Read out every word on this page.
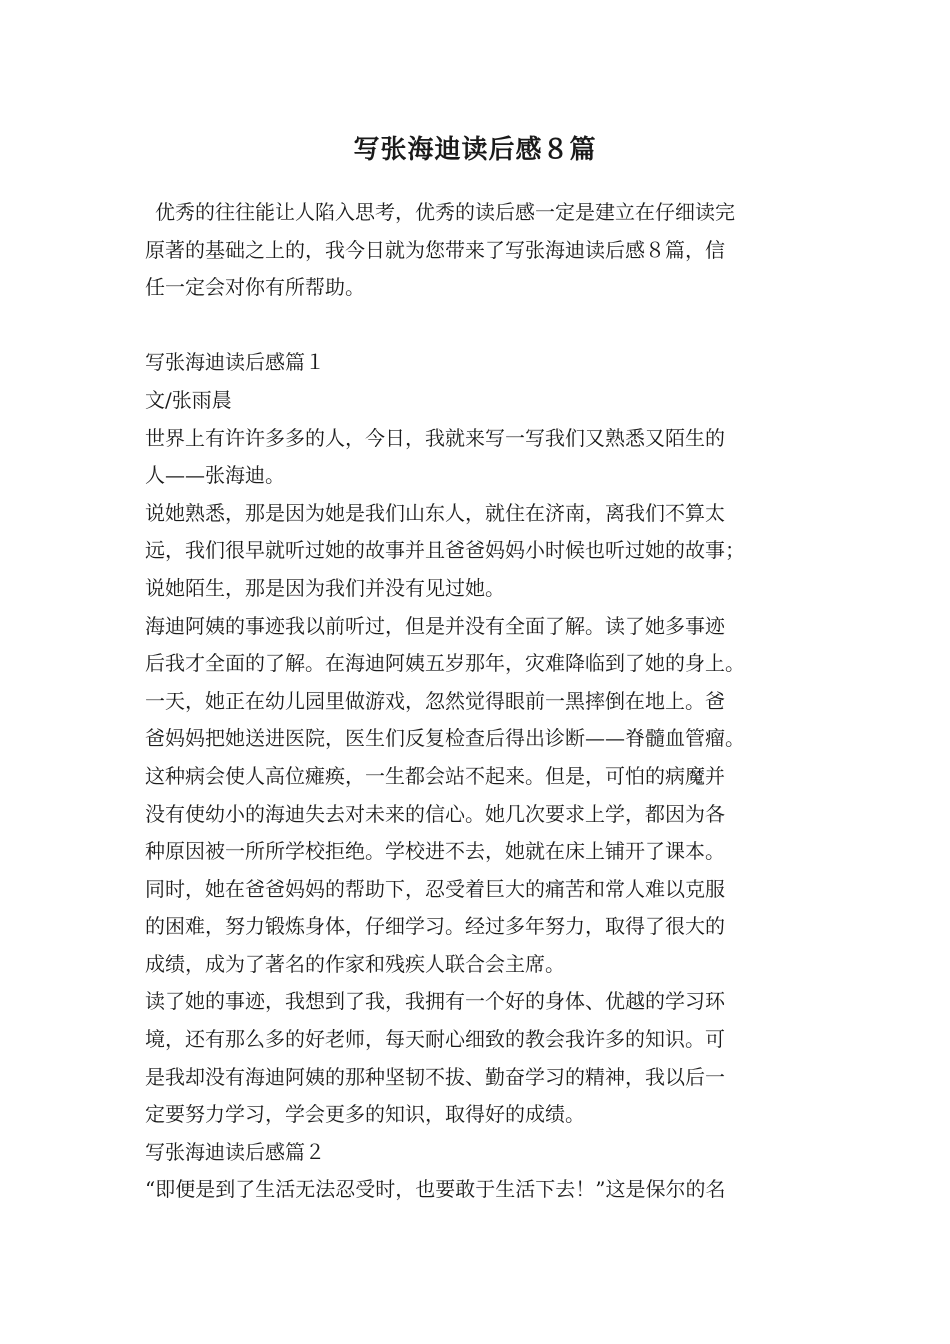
写张海迪读后感８篇
优秀的往往能让人陷入思考，优秀的读后感一定是建立在仔细读完
原著的基础之上的，我今日就为您带来了写张海迪读后感８篇，信
任一定会对你有所帮助。
写张海迪读后感篇１
文/张雨晨
世界上有许许多多的人，今日，我就来写一写我们又熟悉又陌生的
人——张海迪。
说她熟悉，那是因为她是我们山东人，就住在济南，离我们不算太
远，我们很早就听过她的故事并且爸爸妈妈小时候也听过她的故事；
说她陌生，那是因为我们并没有见过她。
海迪阿姨的事迹我以前听过，但是并没有全面了解。读了她多事迹
后我才全面的了解。在海迪阿姨五岁那年，灾难降临到了她的身上。
一天，她正在幼儿园里做游戏，忽然觉得眼前一黑摔倒在地上。爸
爸妈妈把她送进医院，医生们反复检查后得出诊断——脊髓血管瘤。
这种病会使人高位瘫痪，一生都会站不起来。但是，可怕的病魔并
没有使幼小的海迪失去对未来的信心。她几次要求上学，都因为各
种原因被一所所学校拒绝。学校进不去，她就在床上铺开了课本。
同时，她在爸爸妈妈的帮助下，忍受着巨大的痛苦和常人难以克服
的困难，努力锻炼身体，仔细学习。经过多年努力，取得了很大的
成绩，成为了著名的作家和残疾人联合会主席。
读了她的事迹，我想到了我，我拥有一个好的身体、优越的学习环
境，还有那么多的好老师，每天耐心细致的教会我许多的知识。可
是我却没有海迪阿姨的那种坚韧不拔、勤奋学习的精神，我以后一
定要努力学习，学会更多的知识，取得好的成绩。
写张海迪读后感篇２
“即便是到了生活无法忍受时，也要敢于生活下去！”这是保尔的名
